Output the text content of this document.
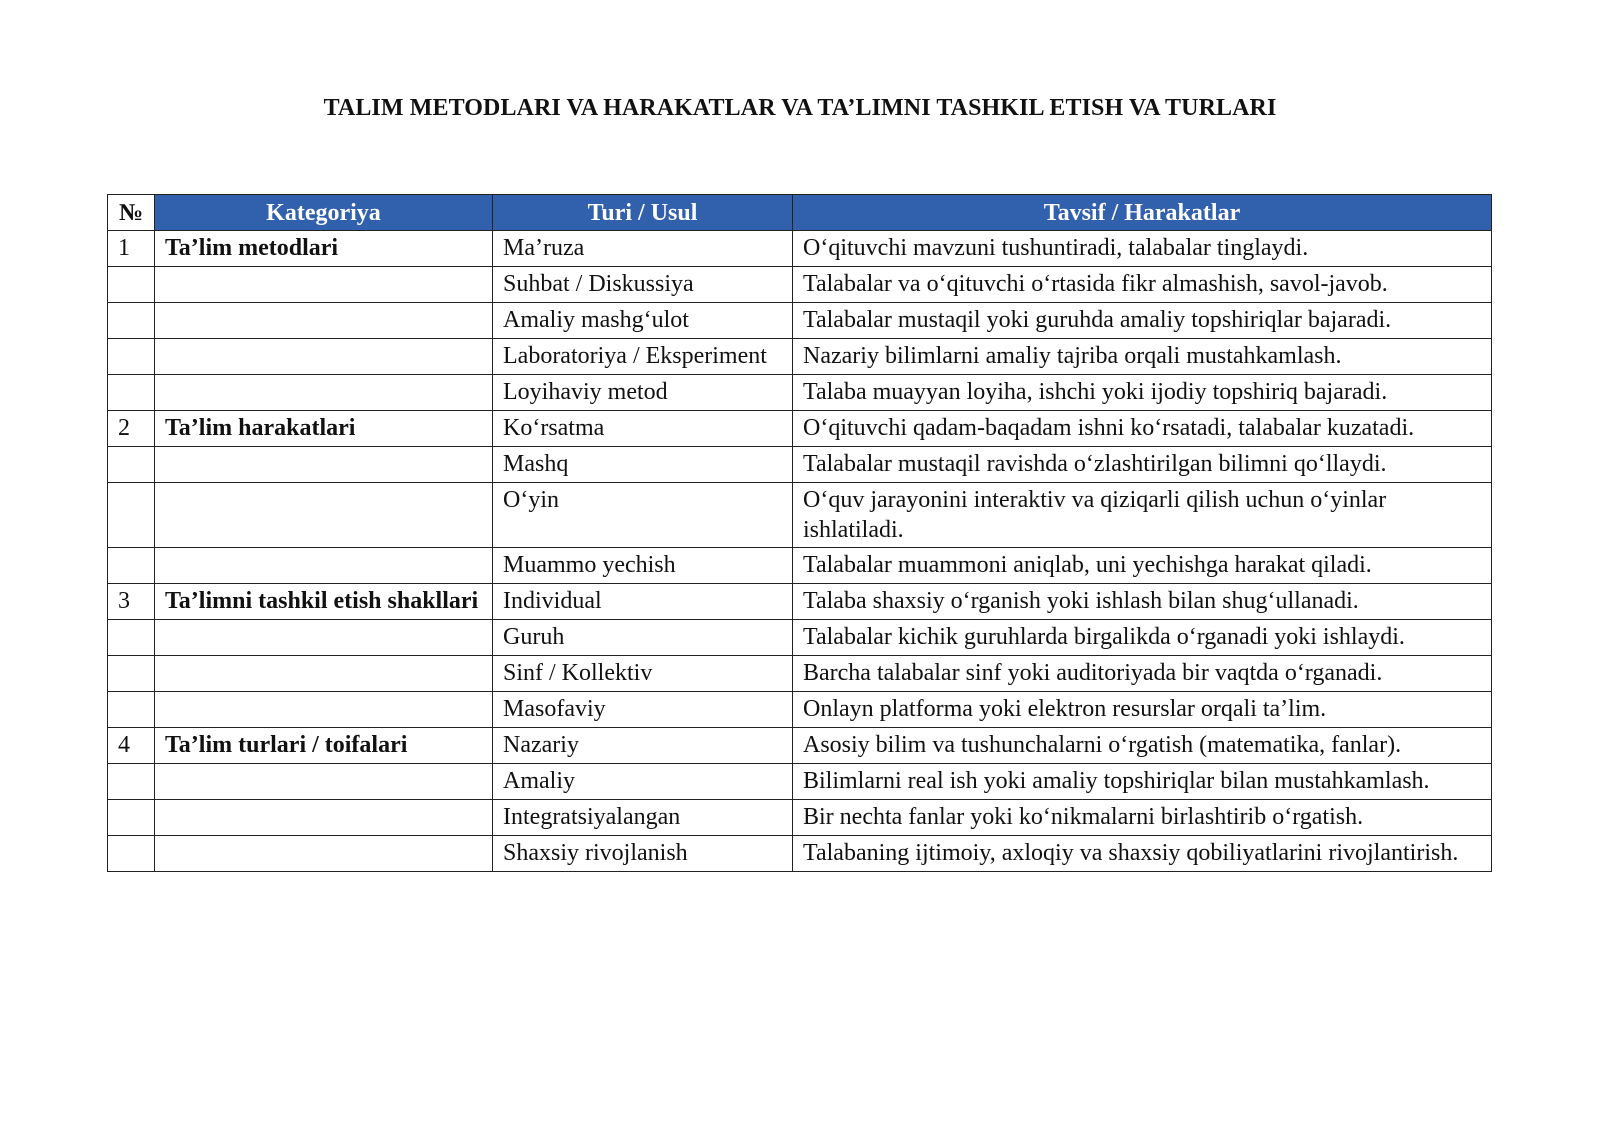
TALIM METODLARI VA HARAKATLAR VA TA’LIMNI TASHKIL ETISH VA TURLARI
№	Kategoriya	Turi / Usul	Tavsif / Harakatlar
1	Ta’lim metodlari	Ma’ruza	O‘qituvchi mavzuni tushuntiradi, talabalar tinglaydi.
		Suhbat / Diskussiya	Talabalar va o‘qituvchi o‘rtasida fikr almashish, savol-javob.
		Amaliy mashg‘ulot	Talabalar mustaqil yoki guruhda amaliy topshiriqlar bajaradi.
		Laboratoriya / Eksperiment	Nazariy bilimlarni amaliy tajriba orqali mustahkamlash.
		Loyihaviy metod	Talaba muayyan loyiha, ishchi yoki ijodiy topshiriq bajaradi.
2	Ta’lim harakatlari	Ko‘rsatma	O‘qituvchi qadam-baqadam ishni ko‘rsatadi, talabalar kuzatadi.
		Mashq	Talabalar mustaqil ravishda o‘zlashtirilgan bilimni qo‘llaydi.
		O‘yin	O‘quv jarayonini interaktiv va qiziqarli qilish uchun o‘yinlar ishlatiladi.
		Muammo yechish	Talabalar muammoni aniqlab, uni yechishga harakat qiladi.
3	Ta’limni tashkil etish shakllari	Individual	Talaba shaxsiy o‘rganish yoki ishlash bilan shug‘ullanadi.
		Guruh	Talabalar kichik guruhlarda birgalikda o‘rganadi yoki ishlaydi.
		Sinf / Kollektiv	Barcha talabalar sinf yoki auditoriyada bir vaqtda o‘rganadi.
		Masofaviy	Onlayn platforma yoki elektron resurslar orqali ta’lim.
4	Ta’lim turlari / toifalari	Nazariy	Asosiy bilim va tushunchalarni o‘rgatish (matematika, fanlar).
		Amaliy	Bilimlarni real ish yoki amaliy topshiriqlar bilan mustahkamlash.
		Integratsiyalangan	Bir nechta fanlar yoki ko‘nikmalarni birlashtirib o‘rgatish.
		Shaxsiy rivojlanish	Talabaning ijtimoiy, axloqiy va shaxsiy qobiliyatlarini rivojlantirish.
